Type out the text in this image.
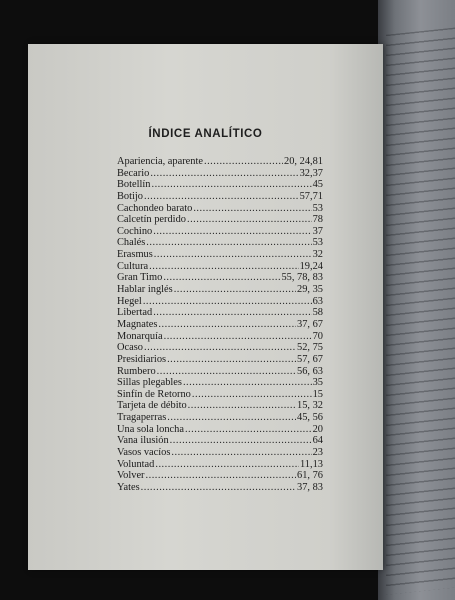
ÍNDICE ANALÍTICO
Apariencia, aparente .....	20, 24,81
Becario .....	32,37
Botellín .....	45
Botijo .....	57,71
Cachondeo barato .....	53
Calcetín perdido .....	78
Cochino .....	37
Chalés .....	53
Erasmus .....	32
Cultura .....	19,24
Gran Timo .....	55, 78, 83
Hablar inglés .....	29, 35
Hegel .....	63
Libertad .....	58
Magnates .....	37, 67
Monarquía .....	70
Ocaso .....	52, 75
Presidiarios .....	57, 67
Rumbero .....	56, 63
Sillas plegables .....	35
Sinfín de Retorno .....	15
Tarjeta de débito .....	15, 32
Tragaperras .....	45, 56
Una sola loncha .....	20
Vana ilusión .....	64
Vasos vacíos .....	23
Voluntad .....	11,13
Volver .....	61, 76
Yates .....	37, 83
